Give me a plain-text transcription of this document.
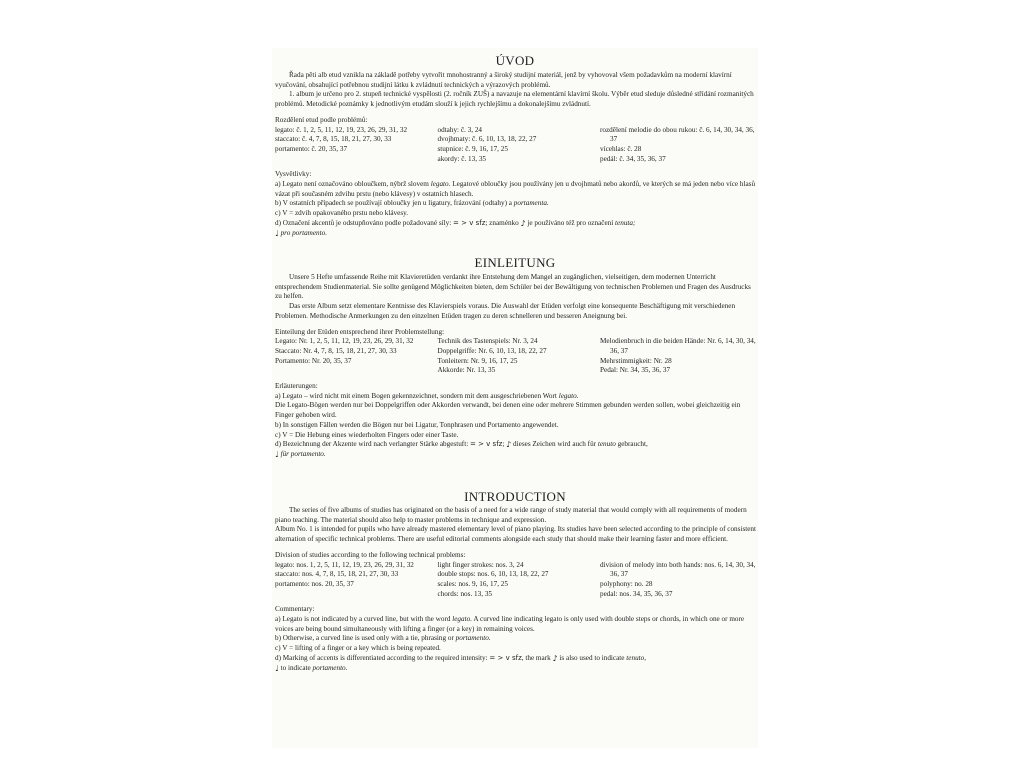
ÚVOD

Řada pěti alb etud vznikla na základě potřeby vytvořit mnohostranný a široký studijní materiál, jenž by vyhovoval všem požadavkům na moderní klavírní vyučování, obsahující potřebnou studijní látku k zvládnutí technických a výrazových problémů.

1. album je určeno pro 2. stupeň technické vyspělosti (2. ročník ZUŠ) a navazuje na elementární klavírní školu. Výběr etud sleduje důsledné střídání rozmanitých problémů. Metodické poznámky k jednotlivým etudám slouží k jejich rychlejšímu a dokonalejšímu zvládnutí.

Rozdělení etud podle problémů:

legato: č. 1, 2, 5, 11, 12, 19, 23, 26, 29, 31, 32

staccato: č. 4, 7, 8, 15, 18, 21, 27, 30, 33

portamento: č. 20, 35, 37

odtahy: č. 3, 24

dvojhmaty: č. 6, 10, 13, 18, 22, 27

stupnice: č. 9, 16, 17, 25

akordy: č. 13, 35

rozdělení melodie do obou rukou: č. 6, 14, 30, 34, 36, 37

vícehlas: č. 28

pedál: č. 34, 35, 36, 37

Vysvětlivky:

a) Legato není označováno obloučkem, nýbrž slovem legato. Legatové obloučky jsou používány jen u dvojhmatů nebo akordů, ve kterých se má jeden nebo více hlasů vázat při současném zdvihu prstu (nebo klávesy) v ostatních hlasech.

b) V ostatních případech se používají obloučky jen u ligatury, frázování (odtahy) a portamenta.

c) V = zdvih opakovaného prstu nebo klávesy.

d) Označení akcentů je odstupňováno podle požadované síly: = > v sfz; znaménko ♪ je používáno též pro označení tenuta;

♩ pro portamento.

EINLEITUNG

Unsere 5 Hefte umfassende Reihe mit Klavieretüden verdankt ihre Entstehung dem Mangel an zugänglichen, vielseitigen, dem modernen Unterricht entsprechendem Studienmaterial. Sie sollte genügend Möglichkeiten bieten, dem Schüler bei der Bewältigung von technischen Problemen und Fragen des Ausdrucks zu helfen.

Das erste Album setzt elementare Kentnisse des Klavierspiels voraus. Die Auswahl der Etüden verfolgt eine konsequente Beschäftigung mit verschiedenen Problemen. Methodische Anmerkungen zu den einzelnen Etüden tragen zu deren schnelleren und besseren Aneignung bei.

Einteilung der Etüden entsprechend ihrer Problemstellung:

Legato: Nr. 1, 2, 5, 11, 12, 19, 23, 26, 29, 31, 32

Staccato: Nr. 4, 7, 8, 15, 18, 21, 27, 30, 33

Portamento: Nr. 20, 35, 37

Technik des Tastenspiels: Nr. 3, 24

Doppelgriffe: Nr. 6, 10, 13, 18, 22, 27

Tonleitern: Nr. 9, 16, 17, 25

Akkorde: Nr. 13, 35

Melodienbruch in die beiden Hände: Nr. 6, 14, 30, 34, 36, 37

Mehrstimmigkeit: Nr. 28

Pedal: Nr. 34, 35, 36, 37

Erläuterungen:

a) Legato – wird nicht mit einem Bogen gekennzeichnet, sondern mit dem ausgeschriebenen Wort legato.

Die Legato-Bögen werden nur bei Doppelgriffen oder Akkorden verwandt, bei denen eine oder mehrere Stimmen gebunden werden sollen, wobei gleichzeitig ein Finger gehoben wird.

b) In sonstigen Fällen werden die Bögen nur bei Ligatur, Tonphrasen und Portamento angewendet.

c) V = Die Hebung eines wiederholten Fingers oder einer Taste.

d) Bezeichnung der Akzente wird nach verlangter Stärke abgestuft: = > v sfz; ♪ dieses Zeichen wird auch für tenuto gebraucht,

♩ für portamento.

INTRODUCTION

The series of five albums of studies has originated on the basis of a need for a wide range of study material that would comply with all requirements of modern piano teaching. The material should also help to master problems in technique and expression.

Album No. 1 is intended for pupils who have already mastered elementary level of piano playing. Its studies have been selected according to the principle of consistent alternation of specific technical problems. There are useful editorial comments alongside each study that should make their learning faster and more efficient.

Division of studies according to the following technical problems:

legato: nos. 1, 2, 5, 11, 12, 19, 23, 26, 29, 31, 32

staccato: nos. 4, 7, 8, 15, 18, 21, 27, 30, 33

portamento: nos. 20, 35, 37

light finger strokes: nos. 3, 24

double stops: nos. 6, 10, 13, 18, 22, 27

scales: nos. 9, 16, 17, 25

chords: nos. 13, 35

division of melody into both hands: nos. 6, 14, 30, 34, 36, 37

polyphony: no. 28

pedal: nos. 34, 35, 36, 37

Commentary:

a) Legato is not indicated by a curved line, but with the word legato. A curved line indicating legato is only used with double steps or chords, in which one or more voices are being bound simultaneously with lifting a finger (or a key) in remaining voices.

b) Otherwise, a curved line is used only with a tie, phrasing or portamento.

c) V = lifting of a finger or a key which is being repeated.

d) Marking of accents is differentiated according to the required intensity: = > v sfz, the mark ♪ is also used to indicate tenuto,

♩ to indicate portamento.
